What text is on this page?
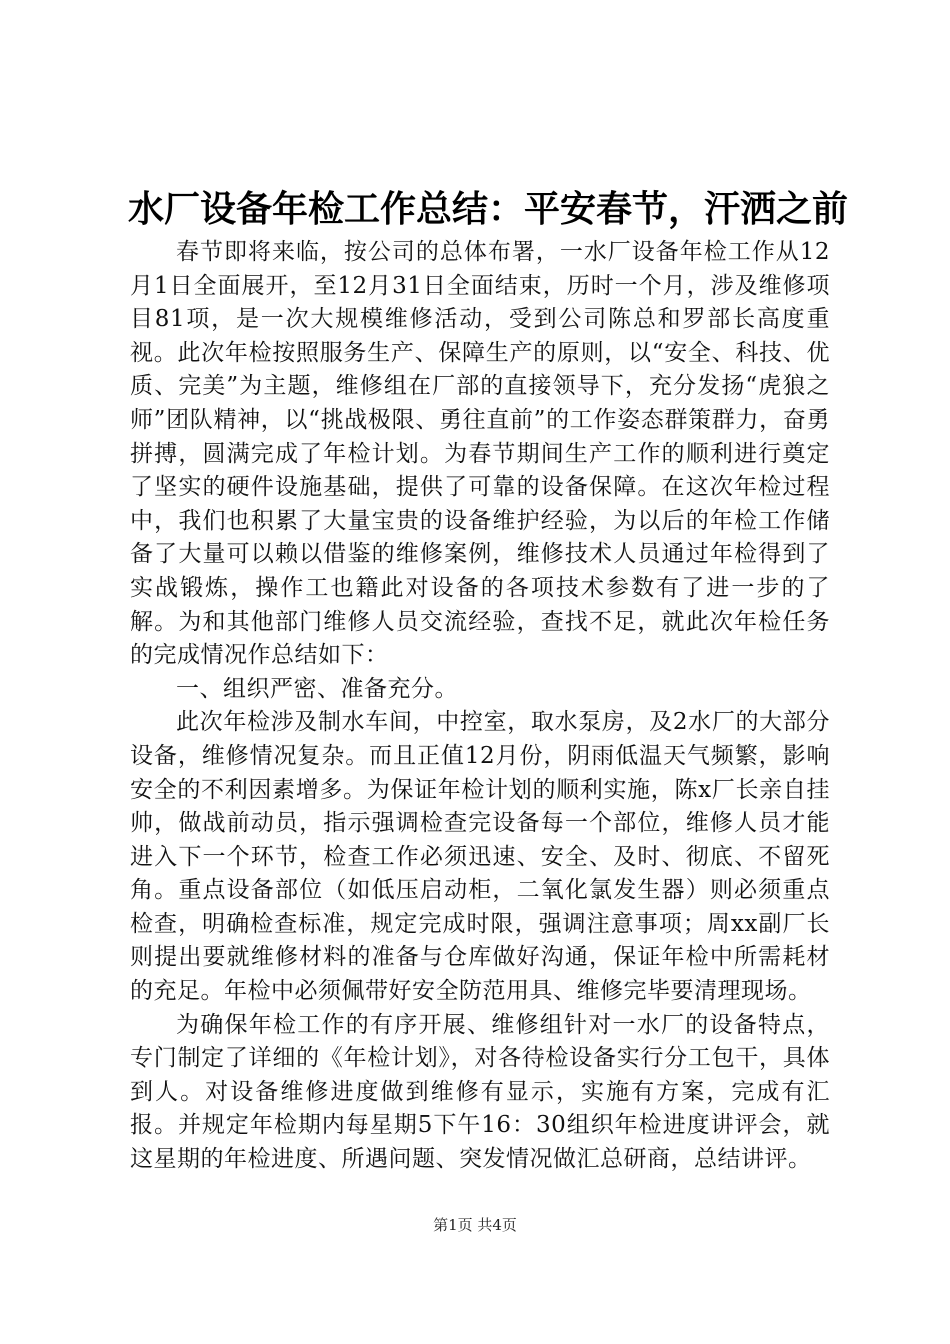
水厂设备年检工作总结：平安春节，汗洒之前

春节即将来临，按公司的总体布署，一水厂设备年检工作从12月1日全面展开，至12月31日全面结束，历时一个月，涉及维修项目81项，是一次大规模维修活动，受到公司陈总和罗部长高度重视。此次年检按照服务生产、保障生产的原则，以“安全、科技、优质、完美”为主题，维修组在厂部的直接领导下，充分发扬“虎狼之师”团队精神，以“挑战极限、勇往直前”的工作姿态群策群力，奋勇拼搏，圆满完成了年检计划。为春节期间生产工作的顺利进行奠定了坚实的硬件设施基础，提供了可靠的设备保障。在这次年检过程中，我们也积累了大量宝贵的设备维护经验，为以后的年检工作储备了大量可以赖以借鉴的维修案例，维修技术人员通过年检得到了实战锻炼，操作工也籍此对设备的各项技术参数有了进一步的了解。为和其他部门维修人员交流经验，查找不足，就此次年检任务的完成情况作总结如下：

一、组织严密、准备充分。

此次年检涉及制水车间，中控室，取水泵房，及2水厂的大部分设备，维修情况复杂。而且正值12月份，阴雨低温天气频繁，影响安全的不利因素增多。为保证年检计划的顺利实施，陈x厂长亲自挂帅，做战前动员，指示强调检查完设备每一个部位，维修人员才能进入下一个环节，检查工作必须迅速、安全、及时、彻底、不留死角。重点设备部位（如低压启动柜，二氧化氯发生器）则必须重点检查，明确检查标准，规定完成时限，强调注意事项；周xx副厂长则提出要就维修材料的准备与仓库做好沟通，保证年检中所需耗材的充足。年检中必须佩带好安全防范用具、维修完毕要清理现场。

为确保年检工作的有序开展、维修组针对一水厂的设备特点，专门制定了详细的《年检计划》，对各待检设备实行分工包干，具体到人。对设备维修进度做到维修有显示，实施有方案，完成有汇报。并规定年检期内每星期5下午16：30组织年检进度讲评会，就这星期的年检进度、所遇问题、突发情况做汇总研商，总结讲评。

第1页 共4页
